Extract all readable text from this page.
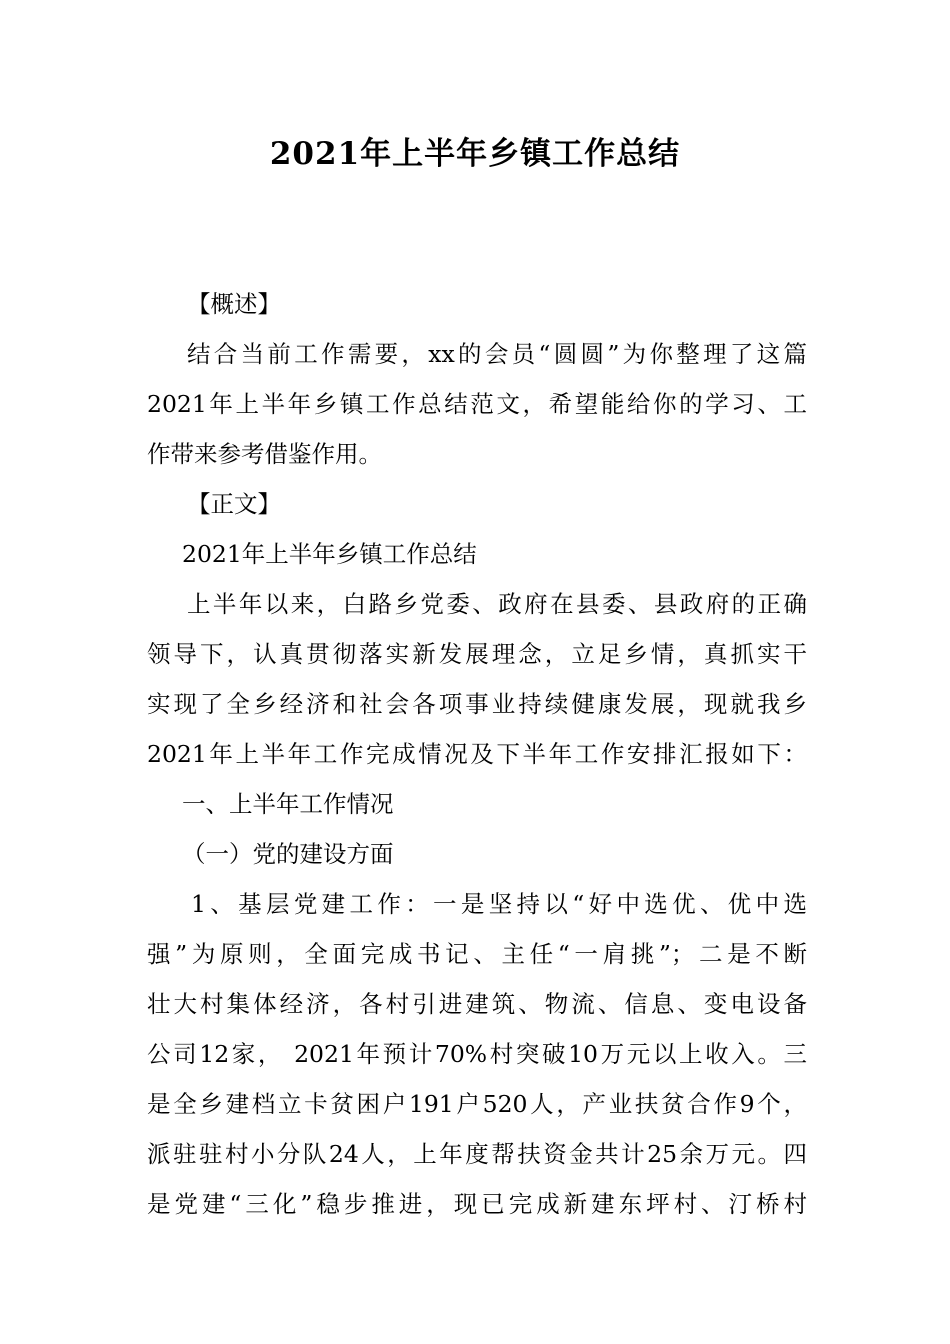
2021年上半年乡镇工作总结
【概述】
结合当前工作需要，xx的会员“圆圆”为你整理了这篇
2021年上半年乡镇工作总结范文，希望能给你的学习、工
作带来参考借鉴作用。
【正文】
2021年上半年乡镇工作总结
上半年以来，白路乡党委、政府在县委、县政府的正确
领导下，认真贯彻落实新发展理念，立足乡情，真抓实干
实现了全乡经济和社会各项事业持续健康发展，现就我乡
2021年上半年工作完成情况及下半年工作安排汇报如下：
一、上半年工作情况
（一）党的建设方面
1、基层党建工作：一是坚持以“好中选优、优中选
强”为原则，全面完成书记、主任“一肩挑”；二是不断
壮大村集体经济，各村引进建筑、物流、信息、变电设备
公司12家， 2021年预计70%村突破10万元以上收入。三
是全乡建档立卡贫困户191户520人，产业扶贫合作9个，
派驻驻村小分队24人，上年度帮扶资金共计25余万元。四
是党建“三化”稳步推进，现已完成新建东坪村、汀桥村
